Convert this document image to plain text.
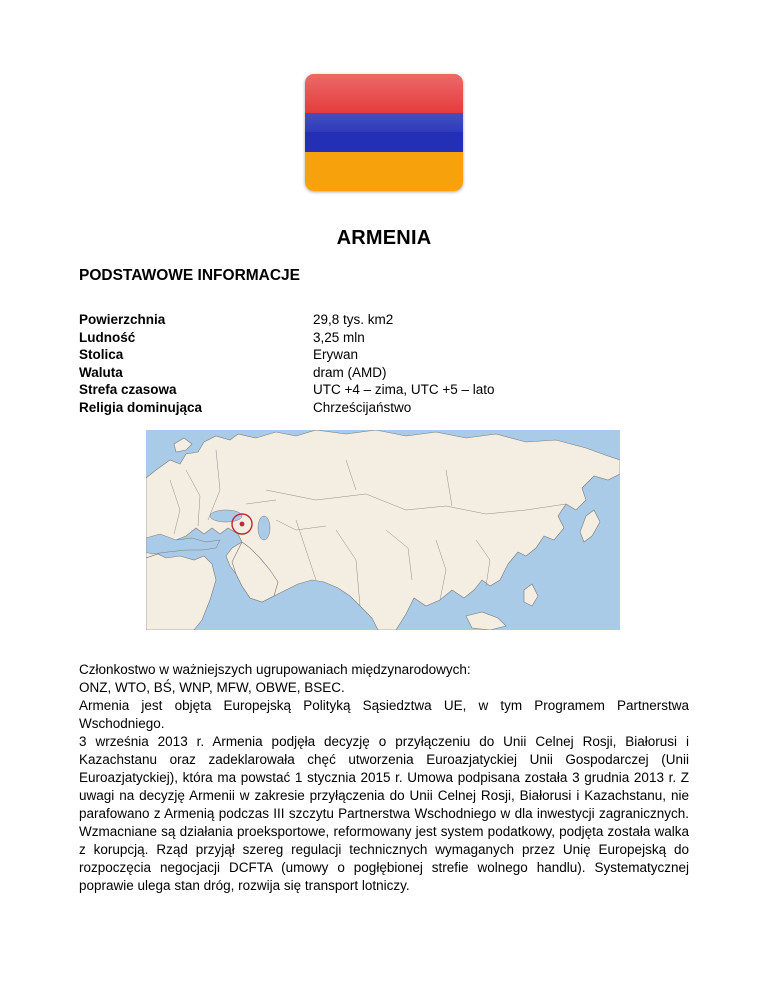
ARMENIA
PODSTAWOWE INFORMACJE
Powierzchnia	29,8 tys. km2
Ludność	3,25 mln
Stolica	Erywan
Waluta	dram (AMD)
Strefa czasowa	UTC +4 – zima, UTC +5 – lato
Religia dominująca	Chrześcijaństwo

Członkostwo w ważniejszych ugrupowaniach międzynarodowych:

ONZ, WTO, BŚ, WNP, MFW, OBWE, BSEC.

Armenia jest objęta Europejską Polityką Sąsiedztwa UE, w tym Programem Partnerstwa Wschodniego.

3 września 2013 r. Armenia podjęła decyzję o przyłączeniu do Unii Celnej Rosji, Białorusi i Kazachstanu oraz zadeklarowała chęć utworzenia Euroazjatyckiej Unii Gospodarczej (Unii Euroazjatyckiej), która ma powstać 1 stycznia 2015 r. Umowa podpisana została 3 grudnia 2013 r. Z uwagi na decyzję Armenii w zakresie przyłączenia do Unii Celnej Rosji, Białorusi i Kazachstanu, nie parafowano z Armenią podczas III szczytu Partnerstwa Wschodniego w dla inwestycji zagranicznych. Wzmacniane są działania proeksportowe, reformowany jest system podatkowy, podjęta została walka z korupcją. Rząd przyjął szereg regulacji technicznych wymaganych przez Unię Europejską do rozpoczęcia negocjacji DCFTA (umowy o pogłębionej strefie wolnego handlu). Systematycznej poprawie ulega stan dróg, rozwija się transport lotniczy.
